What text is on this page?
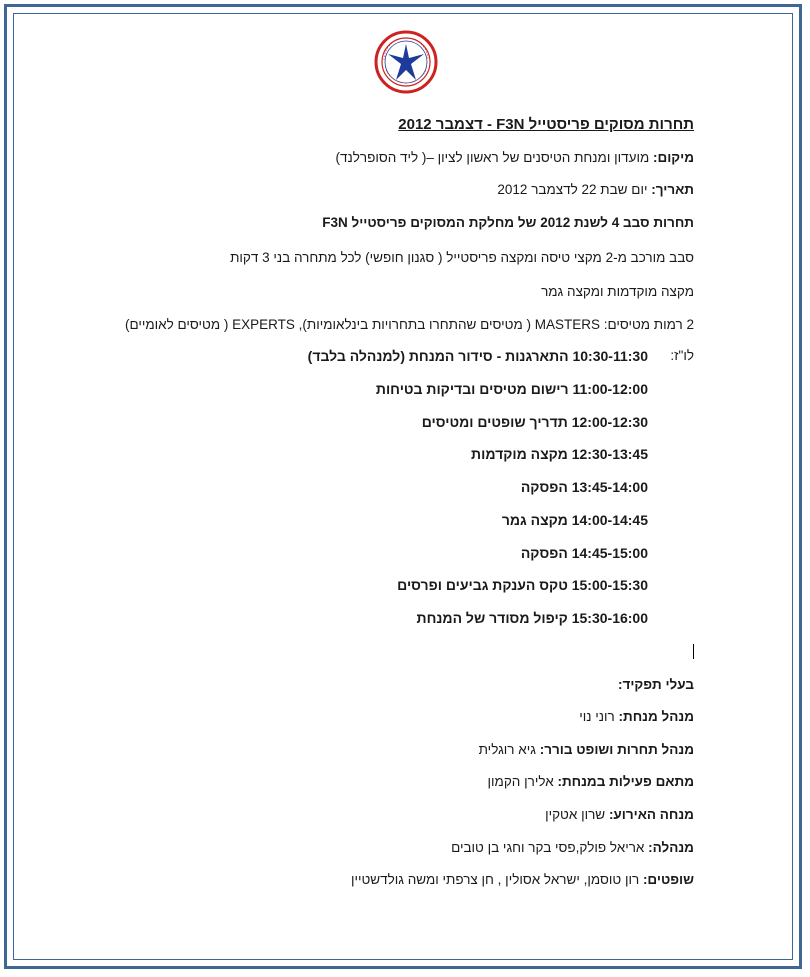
תחרות מסוקים פריסטייל F3N - דצמבר 2012
מיקום: מועדון ומנחת הטיסנים של ראשון לציון –( ליד הסופרלנד)
תאריך: יום שבת 22 לדצמבר 2012
תחרות סבב 4 לשנת 2012 של מחלקת המסוקים פריסטייל F3N
סבב מורכב מ-2 מקצי טיסה ומקצה פריסטייל ( סגנון חופשי) לכל מתחרה בני 3 דקות
מקצה מוקדמות ומקצה גמר
2 רמות מטיסים: MASTERS ( מטיסים שהתחרו בתחרויות בינלאומיות), EXPERTS ( מטיסים לאומיים)
לו"ז:
10:30-11:30 התארגנות - סידור המנחת (למנהלה בלבד)
11:00-12:00 רישום מטיסים ובדיקות בטיחות
12:00-12:30 תדריך שופטים ומטיסים
12:30-13:45 מקצה מוקדמות
13:45-14:00 הפסקה
14:00-14:45 מקצה גמר
14:45-15:00 הפסקה
15:00-15:30 טקס הענקת גביעים ופרסים
15:30-16:00 קיפול מסודר של המנחת
בעלי תפקיד:
מנהל מנחת: רוני נוי
מנהל תחרות ושופט בורר: גיא רוגלית
מתאם פעילות במנחת: אלירן הקמון
מנחה האירוע: שרון אטקין
מנהלה: אריאל פולק,פסי בקר וחגי בן טובים
שופטים: רון טוסמן, ישראל אסולין , חן צרפתי ומשה גולדשטיין
